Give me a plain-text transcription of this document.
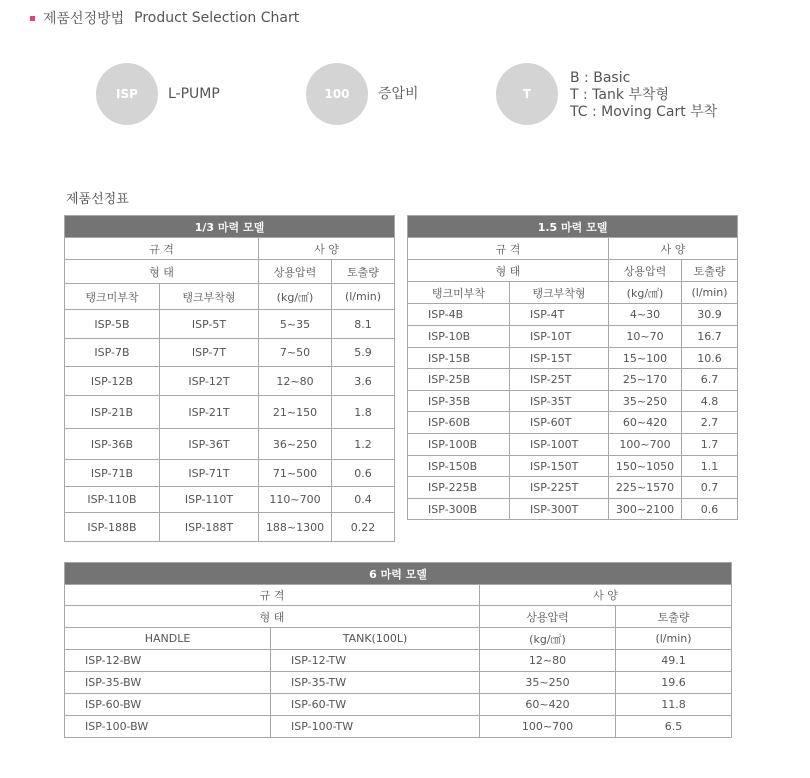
제품선정방법 Product Selection Chart
ISP	L-PUMP	100	증압비	T
B : Basic
T : Tank 부착형
TC : Moving Cart 부착
제품선정표
1/3 마력 모델			
규 격		사 양	
형 태		상용압력	토출량
탱크미부착	탱크부착형	(kg/㎠)	(l/min)
ISP-5B	ISP-5T	5~35	8.1
ISP-7B	ISP-7T	7~50	5.9
ISP-12B	ISP-12T	12~80	3.6
ISP-21B	ISP-21T	21~150	1.8
ISP-36B	ISP-36T	36~250	1.2
ISP-71B	ISP-71T	71~500	0.6
ISP-110B	ISP-110T	110~700	0.4
ISP-188B	ISP-188T	188~1300	0.22
1.5 마력 모델			
규 격		사 양	
형 태		상용압력	토출량
탱크미부착	탱크부착형	(kg/㎠)	(l/min)
ISP-4B	ISP-4T	4~30	30.9
ISP-10B	ISP-10T	10~70	16.7
ISP-15B	ISP-15T	15~100	10.6
ISP-25B	ISP-25T	25~170	6.7
ISP-35B	ISP-35T	35~250	4.8
ISP-60B	ISP-60T	60~420	2.7
ISP-100B	ISP-100T	100~700	1.7
ISP-150B	ISP-150T	150~1050	1.1
ISP-225B	ISP-225T	225~1570	0.7
ISP-300B	ISP-300T	300~2100	0.6
6 마력 모델			
규 격		사 양	
형 태		상용압력	토출량
HANDLE	TANK(100L)	(kg/㎠)	(l/min)
ISP-12-BW	ISP-12-TW	12~80	49.1
ISP-35-BW	ISP-35-TW	35~250	19.6
ISP-60-BW	ISP-60-TW	60~420	11.8
ISP-100-BW	ISP-100-TW	100~700	6.5
